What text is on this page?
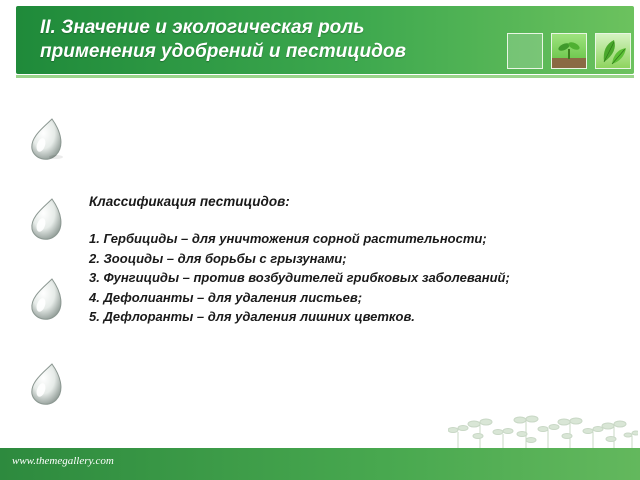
II. Значение и экологическая роль
применения удобрений и пестицидов
Классификация пестицидов:
1. Гербициды – для уничтожения сорной растительности;
2. Зооциды – для борьбы с грызунами;
3. Фунгициды – против возбудителей грибковых заболеваний;
4. Дефолианты – для удаления листьев;
5. Дефлоранты – для удаления лишних цветков.
www.themegallery.com
